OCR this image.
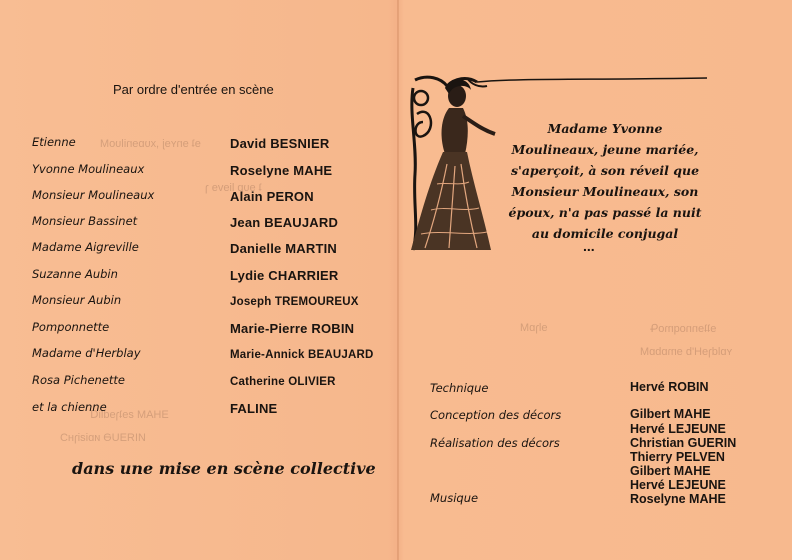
ɘʇ ɘnʏɘj ,xυɒɘnilυoM
ʇ ɘυp liɘvɘ ɿ
ƎHAM ƨɘʇɿɘdliᗡ
ИIЯƎUӘ ᴎɒiƨiɿʜƆ
ɘʇʇɘnnoqmoԳ
ʏɒldɿɘH'b ɘmɒbɒM
ɘlɿɒM
Par ordre d'entrée en scène
Etienne	David BESNIER
Yvonne Moulineaux	Roselyne MAHE
Monsieur Moulineaux	Alain PERON
Monsieur Bassinet	Jean BEAUJARD
Madame Aigreville	Danielle MARTIN
Suzanne Aubin	Lydie CHARRIER
Monsieur Aubin	Joseph TREMOUREUX
Pomponnette	Marie-Pierre ROBIN
Madame d'Herblay	Marie-Annick BEAUJARD
Rosa Pichenette	Catherine OLIVIER
et la chienne	FALINE
dans une mise en scène collective
Madame Yvonne
Moulineaux, jeune mariée,
s'aperçoit, à son réveil que
Monsieur Moulineaux, son
époux, n'a pas passé la nuit
au domicile conjugal
...
Technique	Hervé ROBIN
Conception des décors	Gilbert MAHE
Hervé LEJEUNE
Réalisation des décors	Christian GUERIN
Thierry PELVEN
Gilbert MAHE
Hervé LEJEUNE
Musique	Roselyne MAHE
